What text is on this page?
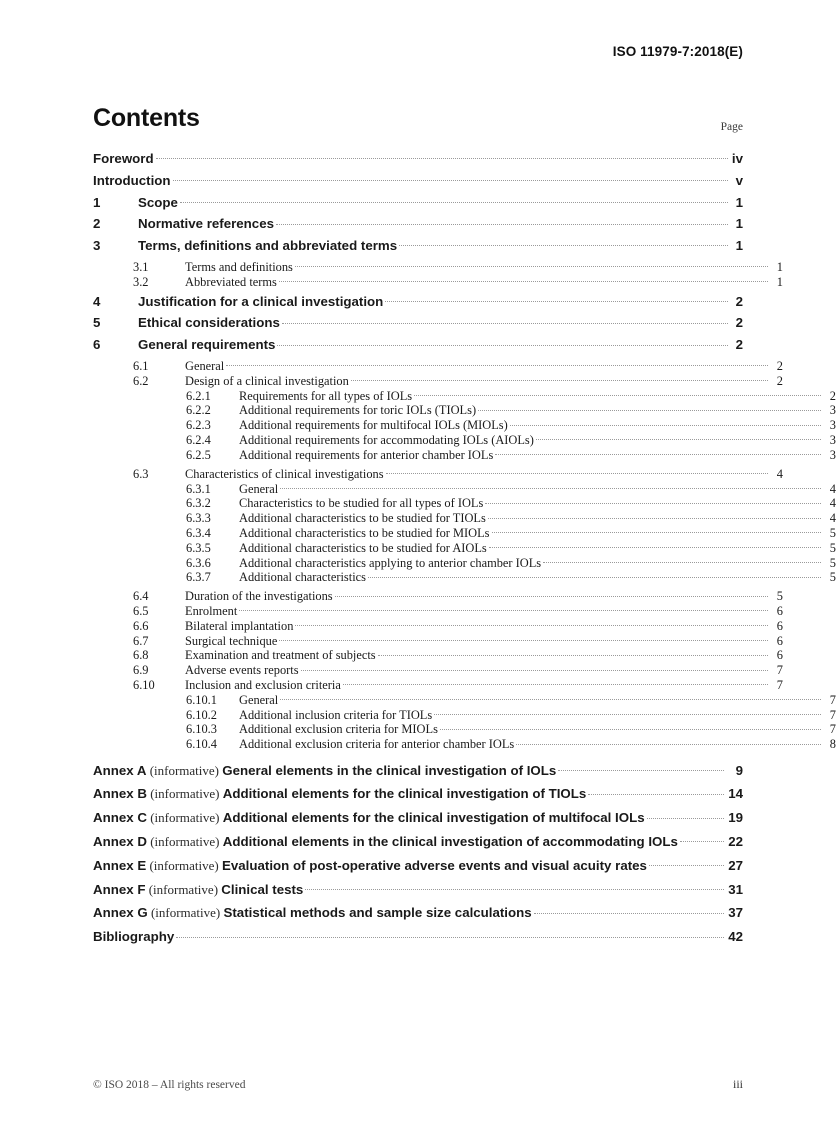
ISO 11979-7:2018(E)
Contents	Page
Foreword	iv
Introduction	v
1	Scope	1
2	Normative references	1
3	Terms, definitions and abbreviated terms	1
3.1	Terms and definitions	1
3.2	Abbreviated terms	1
4	Justification for a clinical investigation	2
5	Ethical considerations	2
6	General requirements	2
6.1	General	2
6.2	Design of a clinical investigation	2
6.2.1	Requirements for all types of IOLs	2
6.2.2	Additional requirements for toric IOLs (TIOLs)	3
6.2.3	Additional requirements for multifocal IOLs (MIOLs)	3
6.2.4	Additional requirements for accommodating IOLs (AIOLs)	3
6.2.5	Additional requirements for anterior chamber IOLs	3
6.3	Characteristics of clinical investigations	4
6.3.1	General	4
6.3.2	Characteristics to be studied for all types of IOLs	4
6.3.3	Additional characteristics to be studied for TIOLs	4
6.3.4	Additional characteristics to be studied for MIOLs	5
6.3.5	Additional characteristics to be studied for AIOLs	5
6.3.6	Additional characteristics applying to anterior chamber IOLs	5
6.3.7	Additional characteristics	5
6.4	Duration of the investigations	5
6.5	Enrolment	6
6.6	Bilateral implantation	6
6.7	Surgical technique	6
6.8	Examination and treatment of subjects	6
6.9	Adverse events reports	7
6.10	Inclusion and exclusion criteria	7
6.10.1	General	7
6.10.2	Additional inclusion criteria for TIOLs	7
6.10.3	Additional exclusion criteria for MIOLs	7
6.10.4	Additional exclusion criteria for anterior chamber IOLs	8
Annex A (informative) General elements in the clinical investigation of IOLs	9
Annex B (informative) Additional elements for the clinical investigation of TIOLs	14
Annex C (informative) Additional elements for the clinical investigation of multifocal IOLs	19
Annex D (informative) Additional elements in the clinical investigation of accommodating IOLs	22
Annex E (informative) Evaluation of post-operative adverse events and visual acuity rates	27
Annex F (informative) Clinical tests	31
Annex G (informative) Statistical methods and sample size calculations	37
Bibliography	42
© ISO 2018 – All rights reserved	iii
